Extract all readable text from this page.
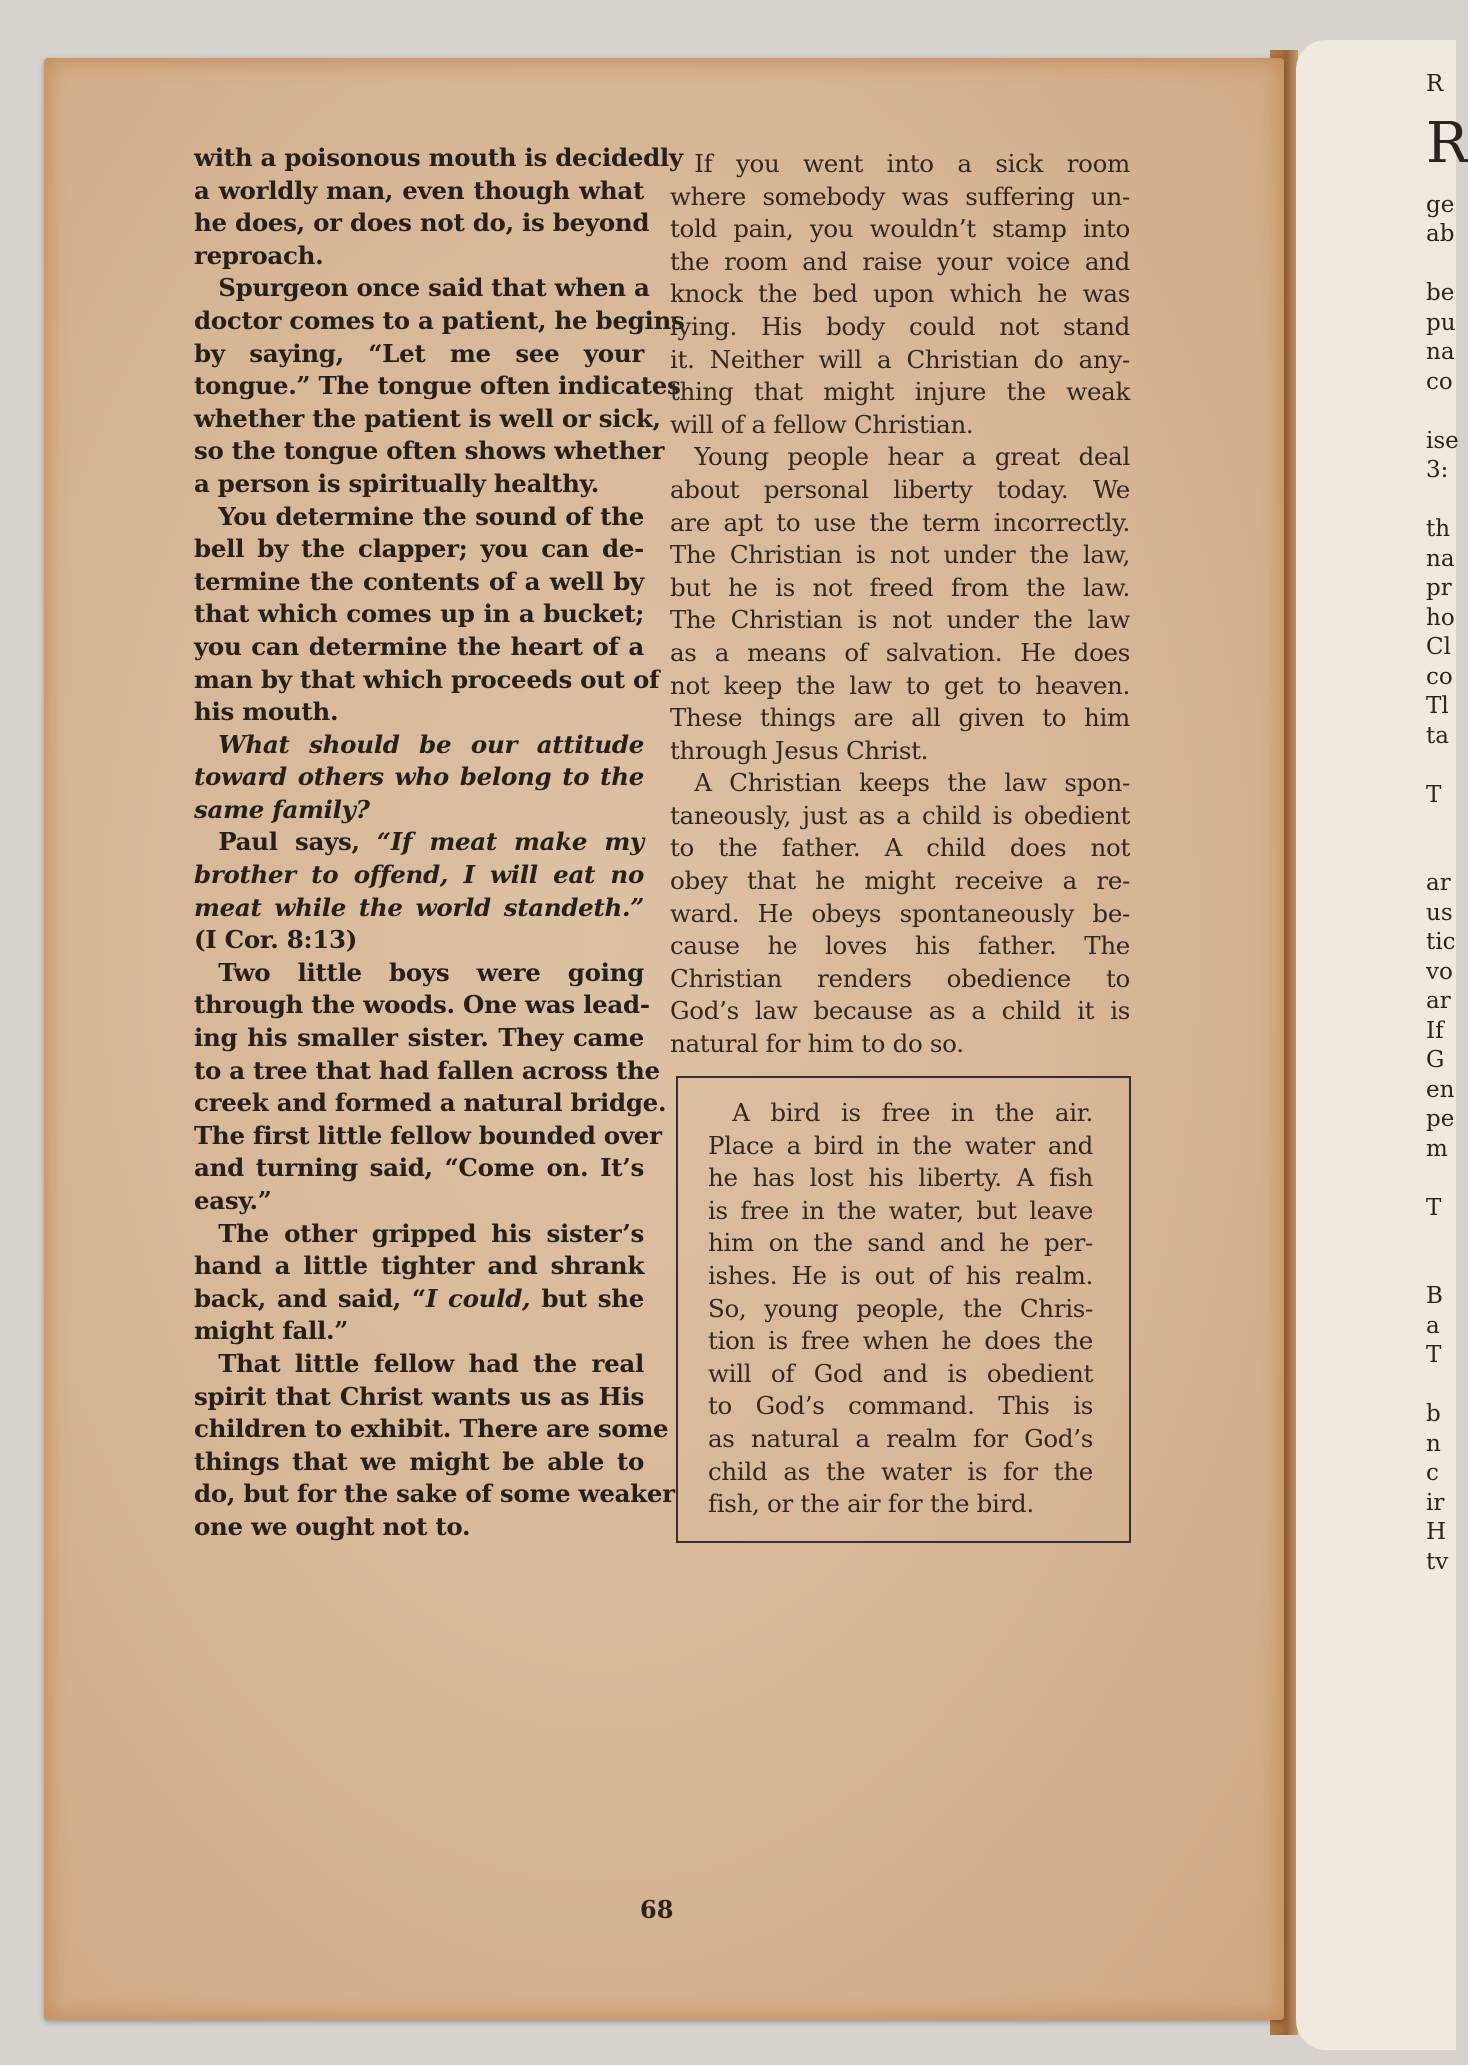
R
R
ge
ab
be
pu
na
co
ise
3:
th
na
pr
ho
Cl
co
Tl
ta
T
ar
us
tic
vo
ar
If
G
en
pe
m
T
B
a
T
b
n
c
ir
H
tv
with a poisonous mouth is decidedly
a worldly man, even though what
he does, or does not do, is beyond
reproach.
 Spurgeon once said that when a
doctor comes to a patient, he begins
by saying, “Let me see your
tongue.” The tongue often indicates
whether the patient is well or sick,
so the tongue often shows whether
a person is spiritually healthy.
 You determine the sound of the
bell by the clapper; you can de-
termine the contents of a well by
that which comes up in a bucket;
you can determine the heart of a
man by that which proceeds out of
his mouth.
 What should be our attitude
toward others who belong to the
same family?
 Paul says, “If meat make my
brother to offend, I will eat no
meat while the world standeth.”
(I Cor. 8:13)
 Two little boys were going
through the woods. One was lead-
ing his smaller sister. They came
to a tree that had fallen across the
creek and formed a natural bridge.
The first little fellow bounded over
and turning said, “Come on. It’s
easy.”
 The other gripped his sister’s
hand a little tighter and shrank
back, and said, “I could, but she
might fall.”
 That little fellow had the real
spirit that Christ wants us as His
children to exhibit. There are some
things that we might be able to
do, but for the sake of some weaker
one we ought not to.
 If you went into a sick room
where somebody was suffering un-
told pain, you wouldn’t stamp into
the room and raise your voice and
knock the bed upon which he was
lying. His body could not stand
it. Neither will a Christian do any-
thing that might injure the weak
will of a fellow Christian.
 Young people hear a great deal
about personal liberty today. We
are apt to use the term incorrectly.
The Christian is not under the law,
but he is not freed from the law.
The Christian is not under the law
as a means of salvation. He does
not keep the law to get to heaven.
These things are all given to him
through Jesus Christ.
 A Christian keeps the law spon-
taneously, just as a child is obedient
to the father. A child does not
obey that he might receive a re-
ward. He obeys spontaneously be-
cause he loves his father. The
Christian renders obedience to
God’s law because as a child it is
natural for him to do so.
 A bird is free in the air.
Place a bird in the water and
he has lost his liberty. A fish
is free in the water, but leave
him on the sand and he per-
ishes. He is out of his realm.
So, young people, the Chris-
tion is free when he does the
will of God and is obedient
to God’s command. This is
as natural a realm for God’s
child as the water is for the
fish, or the air for the bird.
68
